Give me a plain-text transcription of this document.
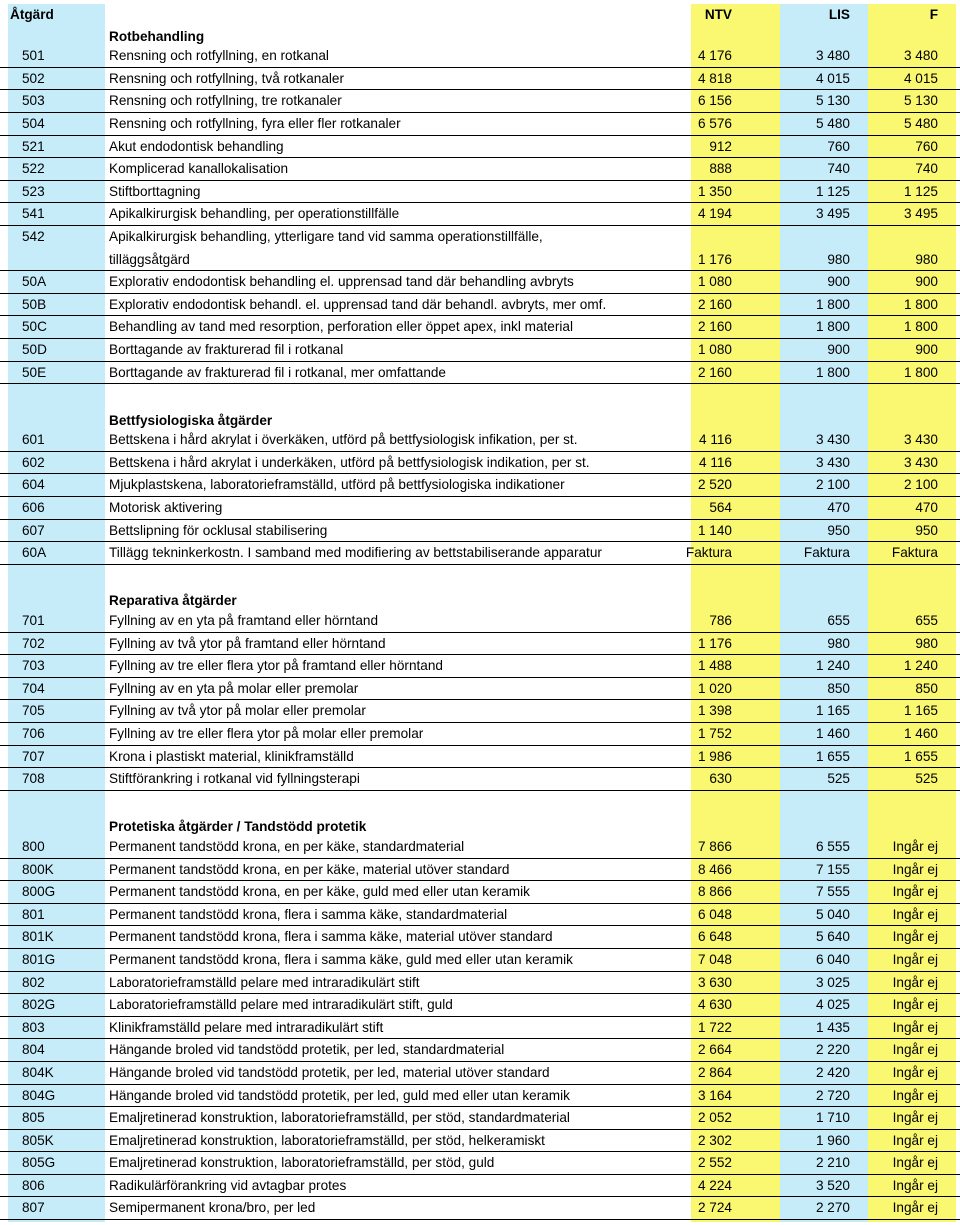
Åtgärd	NTV	LIS	F
Rotbehandling
501	Rensning och rotfyllning, en rotkanal	4 176	3 480	3 480
502	Rensning och rotfyllning, två rotkanaler	4 818	4 015	4 015
503	Rensning och rotfyllning, tre rotkanaler	6 156	5 130	5 130
504	Rensning och rotfyllning, fyra eller fler rotkanaler	6 576	5 480	5 480
521	Akut endodontisk behandling	912	760	760
522	Komplicerad kanallokalisation	888	740	740
523	Stiftborttagning	1 350	1 125	1 125
541	Apikalkirurgisk behandling, per operationstillfälle	4 194	3 495	3 495
542	Apikalkirurgisk behandling, ytterligare tand vid samma operationstillfälle,
tilläggsåtgärd	1 176	980	980
50A	Explorativ endodontisk behandling el. upprensad tand där behandling avbryts	1 080	900	900
50B	Explorativ endodontisk behandl. el. upprensad tand där behandl. avbryts, mer omf.	2 160	1 800	1 800
50C	Behandling av tand med resorption, perforation eller öppet apex, inkl material	2 160	1 800	1 800
50D	Borttagande av frakturerad fil i rotkanal	1 080	900	900
50E	Borttagande av frakturerad fil i rotkanal, mer omfattande	2 160	1 800	1 800
Bettfysiologiska åtgärder
601	Bettskena i hård akrylat i överkäken, utförd på bettfysiologisk infikation, per st.	4 116	3 430	3 430
602	Bettskena i hård akrylat i underkäken, utförd på bettfysiologisk indikation, per st.	4 116	3 430	3 430
604	Mjukplastskena, laboratorieframställd, utförd på bettfysiologiska indikationer	2 520	2 100	2 100
606	Motorisk aktivering	564	470	470
607	Bettslipning för ocklusal stabilisering	1 140	950	950
60A	Tillägg tekninkerkostn. I samband med modifiering av bettstabiliserande apparatur	Faktura	Faktura	Faktura
Reparativa åtgärder
701	Fyllning av en yta på framtand eller hörntand	786	655	655
702	Fyllning av två ytor på framtand eller hörntand	1 176	980	980
703	Fyllning av tre eller flera ytor på framtand eller hörntand	1 488	1 240	1 240
704	Fyllning av en yta på molar eller premolar	1 020	850	850
705	Fyllning av två ytor på molar eller premolar	1 398	1 165	1 165
706	Fyllning av tre eller flera ytor på molar eller premolar	1 752	1 460	1 460
707	Krona i plastiskt material, klinikframställd	1 986	1 655	1 655
708	Stiftförankring i rotkanal vid fyllningsterapi	630	525	525
Protetiska åtgärder / Tandstödd protetik
800	Permanent tandstödd krona, en per käke, standardmaterial	7 866	6 555	Ingår ej
800K	Permanent tandstödd krona, en per käke, material utöver standard	8 466	7 155	Ingår ej
800G	Permanent tandstödd krona, en per käke, guld med eller utan keramik	8 866	7 555	Ingår ej
801	Permanent tandstödd krona, flera i samma käke, standardmaterial	6 048	5 040	Ingår ej
801K	Permanent tandstödd krona, flera i samma käke, material utöver standard	6 648	5 640	Ingår ej
801G	Permanent tandstödd krona, flera i samma käke, guld med eller utan keramik	7 048	6 040	Ingår ej
802	Laboratorieframställd pelare med intraradikulärt stift	3 630	3 025	Ingår ej
802G	Laboratorieframställd pelare med intraradikulärt stift, guld	4 630	4 025	Ingår ej
803	Klinikframställd pelare med intraradikulärt stift	1 722	1 435	Ingår ej
804	Hängande broled vid tandstödd protetik, per led, standardmaterial	2 664	2 220	Ingår ej
804K	Hängande broled vid tandstödd protetik, per led, material utöver standard	2 864	2 420	Ingår ej
804G	Hängande broled vid tandstödd protetik, per led, guld med eller utan keramik	3 164	2 720	Ingår ej
805	Emaljretinerad konstruktion, laboratorieframställd, per stöd, standardmaterial	2 052	1 710	Ingår ej
805K	Emaljretinerad konstruktion, laboratorieframställd, per stöd, helkeramiskt	2 302	1 960	Ingår ej
805G	Emaljretinerad konstruktion, laboratorieframställd, per stöd, guld	2 552	2 210	Ingår ej
806	Radikulärförankring vid avtagbar protes	4 224	3 520	Ingår ej
807	Semipermanent krona/bro, per led	2 724	2 270	Ingår ej
